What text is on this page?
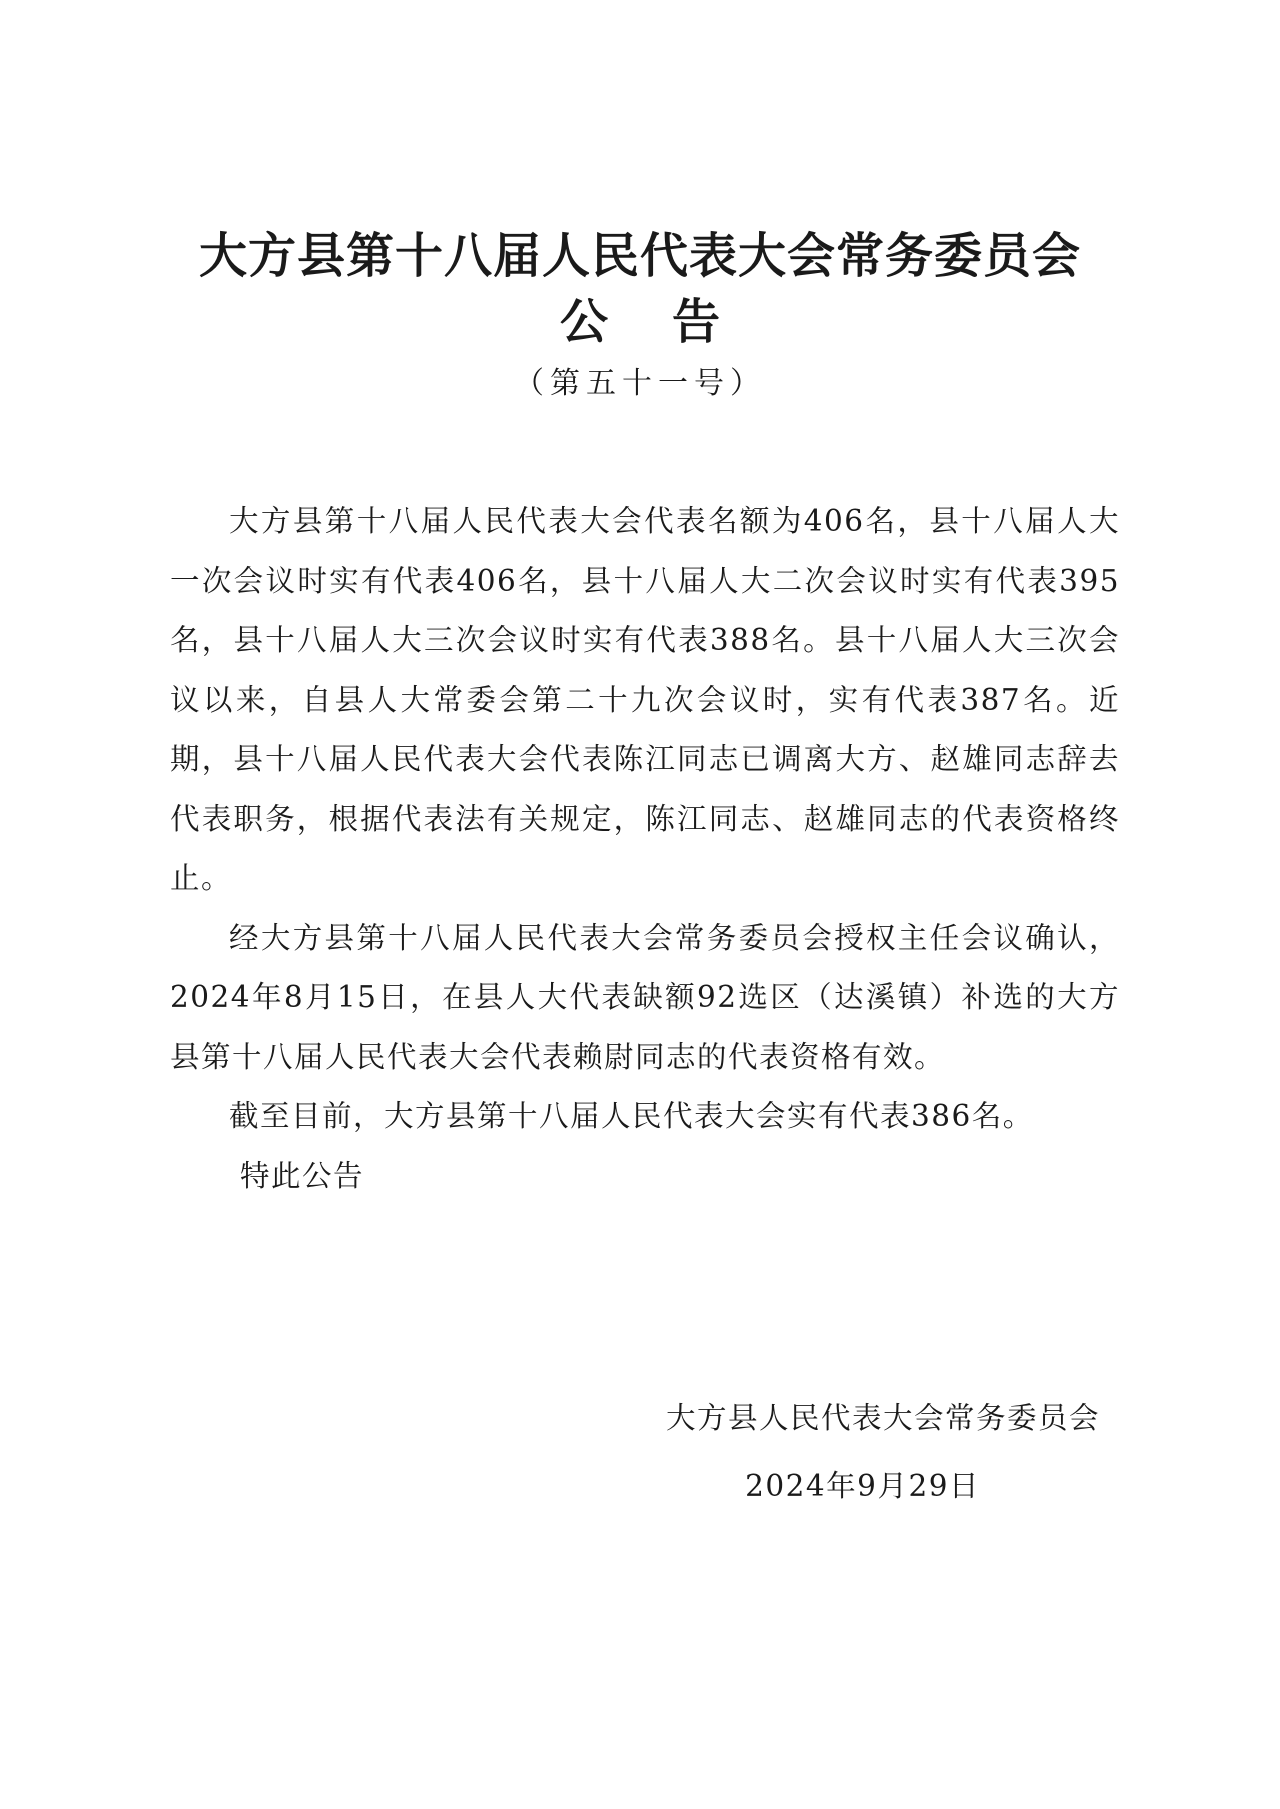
大方县第十八届人民代表大会常务委员会
公 告
（第五十一号）

大方县第十八届人民代表大会代表名额为406名，县十八届人大一次会议时实有代表406名，县十八届人大二次会议时实有代表395名，县十八届人大三次会议时实有代表388名。县十八届人大三次会议以来，自县人大常委会第二十九次会议时，实有代表387名。近期，县十八届人民代表大会代表陈江同志已调离大方、赵雄同志辞去代表职务，根据代表法有关规定，陈江同志、赵雄同志的代表资格终止。

经大方县第十八届人民代表大会常务委员会授权主任会议确认，2024年8月15日，在县人大代表缺额92选区（达溪镇）补选的大方县第十八届人民代表大会代表赖尉同志的代表资格有效。

截至目前，大方县第十八届人民代表大会实有代表386名。

特此公告

大方县人民代表大会常务委员会

2024年9月29日
